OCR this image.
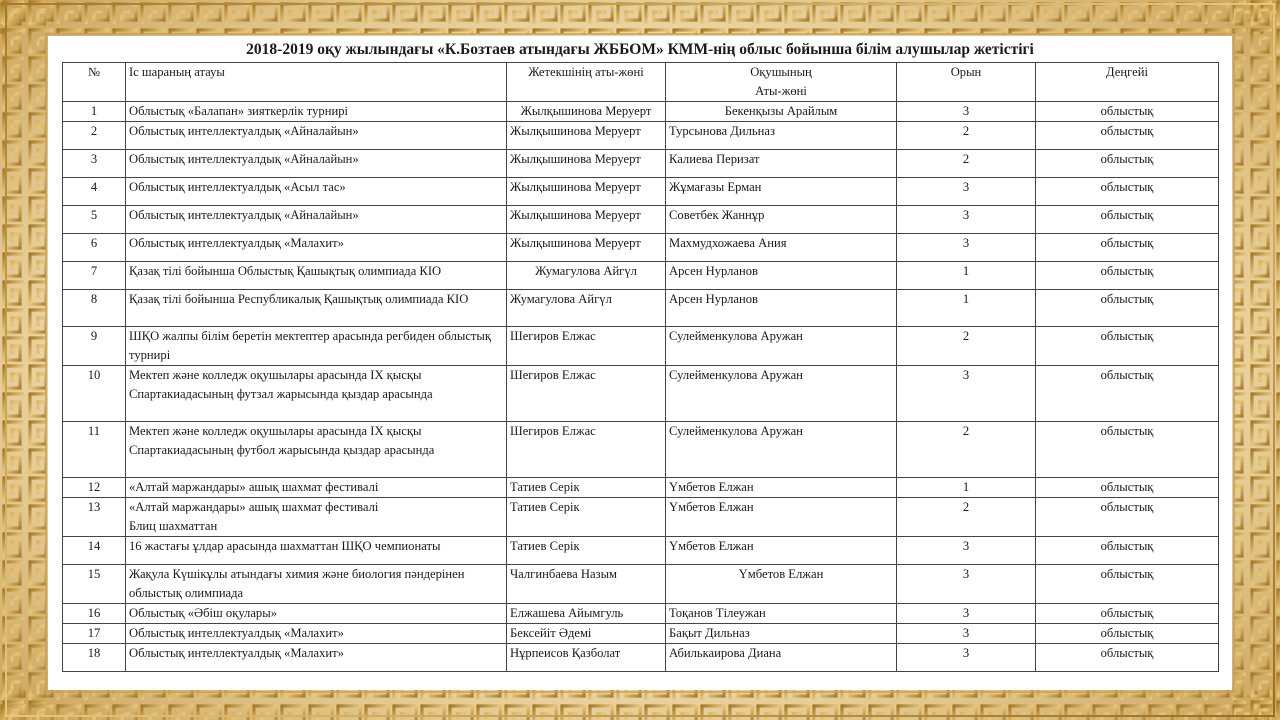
2018-2019 оқу жылындағы «К.Бозтаев атындағы ЖББОМ» КММ-нің облыс бойынша білім алушылар жетістігі
№	Іс шараның атауы	Жетекшінің аты-жөні	Оқушының
Аты-жөні	Орын	Деңгейі
1	Облыстық «Балапан» зияткерлік турнирі	Жылқышинова Меруерт	Бекенқызы Арайлым	3	облыстық
2	Облыстық интеллектуалдық «Айналайын»	Жылқышинова Меруерт	Турсынова Дильназ	2	облыстық
3	Облыстық интеллектуалдық «Айналайын»	Жылқышинова Меруерт	Калиева Перизат	2	облыстық
4	Облыстық интеллектуалдық «Асыл тас»	Жылқышинова Меруерт	Жұмағазы Ерман	3	облыстық
5	Облыстық интеллектуалдық «Айналайын»	Жылқышинова Меруерт	Советбек Жаннұр	3	облыстық
6	Облыстық интеллектуалдық «Малахит»	Жылқышинова Меруерт	Махмудхожаева Ания	3	облыстық
7	Қазақ тілі бойынша Облыстық Қашықтық олимпиада КІО	Жумагулова Айгүл	Арсен Нурланов	1	облыстық
8	Қазақ тілі бойынша Республикалық Қашықтық олимпиада КІО	Жумагулова Айгүл	Арсен Нурланов	1	облыстық
9	ШҚО жалпы білім беретін мектептер арасында регбиден облыстық турнирі	Шегиров Елжас	Сулейменкулова Аружан	2	облыстық
10	Мектеп және колледж оқушылары арасында IX қысқы Спартакиадасының футзал жарысында қыздар арасында	Шегиров Елжас	Сулейменкулова Аружан	3	облыстық
11	Мектеп және колледж оқушылары арасында IX қысқы Спартакиадасының футбол жарысында қыздар арасында	Шегиров Елжас	Сулейменкулова Аружан	2	облыстық
12	«Алтай маржандары» ашық шахмат фестивалі	Татиев Серік	Үмбетов Елжан	1	облыстық
13	«Алтай маржандары» ашық шахмат фестивалі
Блиц шахматтан	Татиев Серік	Үмбетов Елжан	2	облыстық
14	16 жастағы ұлдар арасында шахматтан ШҚО чемпионаты	Татиев Серік	Үмбетов Елжан	3	облыстық
15	Жақула Күшікұлы атындағы химия және биология пәндерінен облыстық олимпиада	Чалгинбаева Назым	Үмбетов Елжан	3	облыстық
16	Облыстық «Әбіш оқулары»	Елжашева Айымгуль	Тоқанов Тілеужан	3	облыстық
17	Облыстық интеллектуалдық «Малахит»	Бексейіт Әдемі	Бақыт Дильназ	3	облыстық
18	Облыстық интеллектуалдық «Малахит»	Нұрпеисов Қазболат	Абилькаирова Диана	3	облыстық
